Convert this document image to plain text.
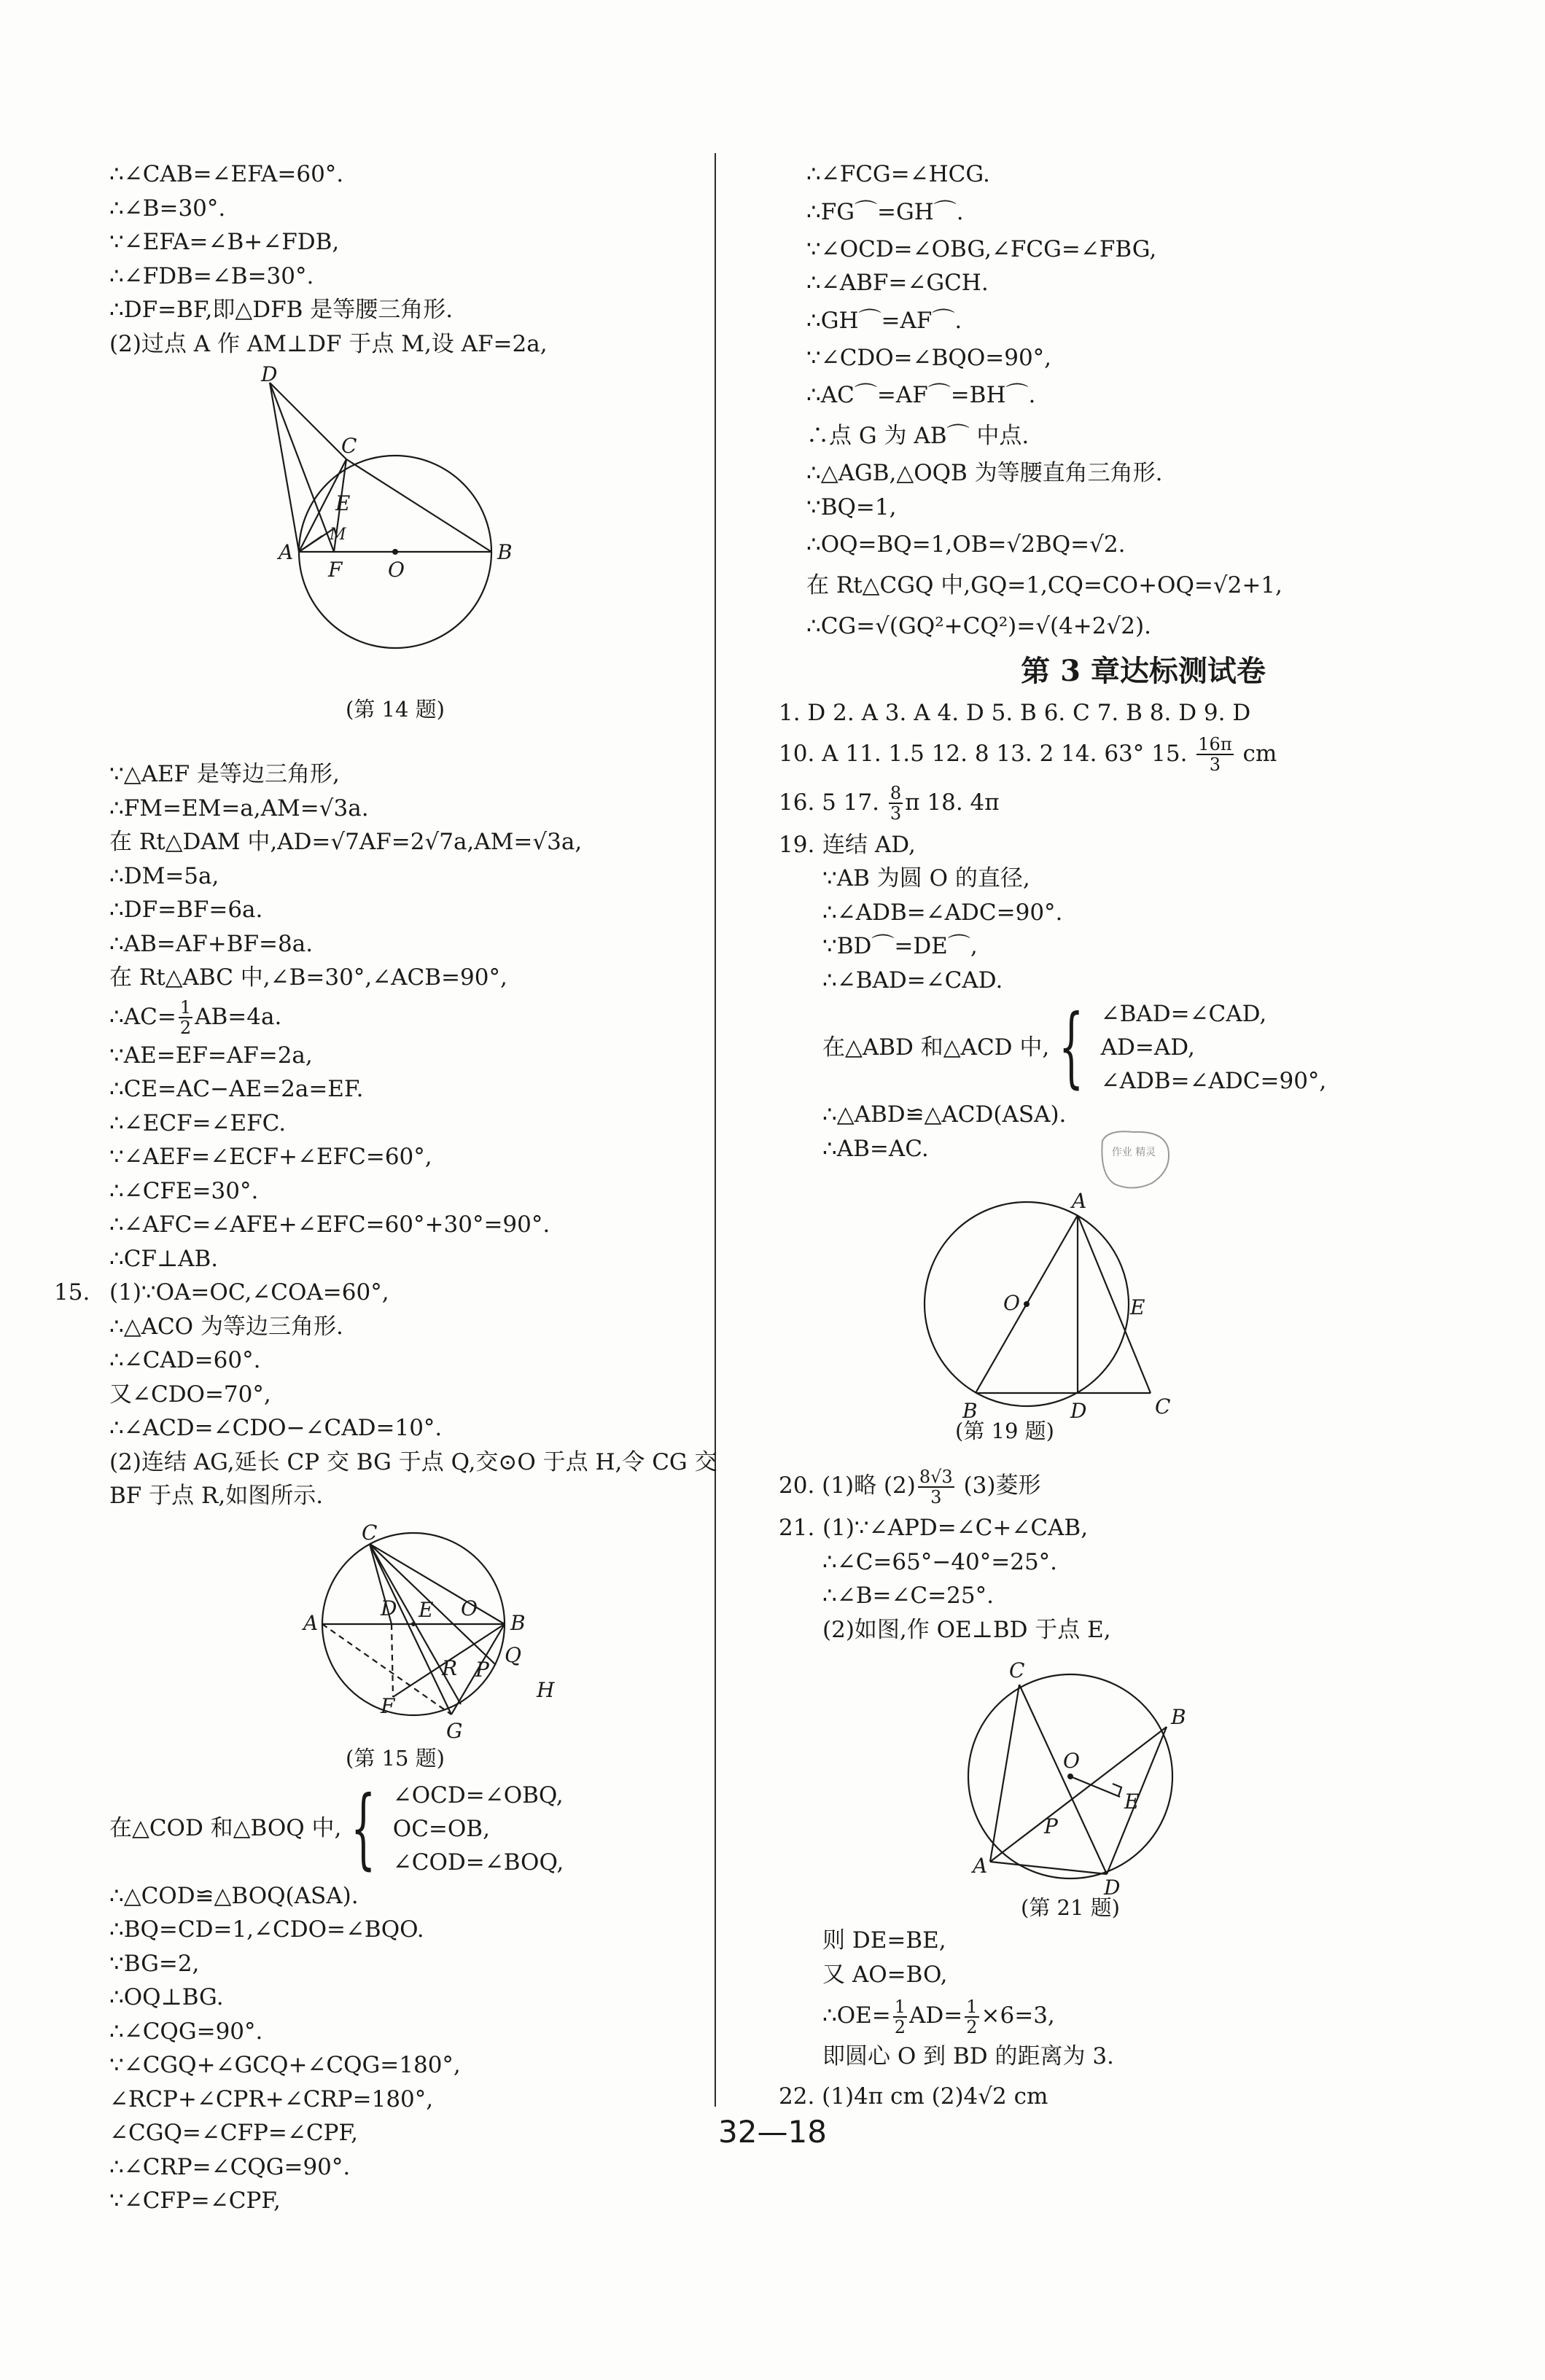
∴∠CAB=∠EFA=60°.
∴∠B=30°.
∵∠EFA=∠B+∠FDB,
∴∠FDB=∠B=30°.
∴DF=BF,即△DFB 是等腰三角形.
(2)过点 A 作 AM⊥DF 于点 M,设 AF=2a,
D
C
E
M
A
F O
B
(第 14 题)
∵△AEF 是等边三角形,
∴FM=EM=a,AM=√3a.
在 Rt△DAM 中,AD=√7AF=2√7a,AM=√3a,
∴DM=5a,
∴DF=BF=6a.
∴AB=AF+BF=8a.
在 Rt△ABC 中,∠B=30°,∠ACB=90°,
∴AC= $\frac{1}{2} AB=4a$.
∵AE=EF=AF=2a,
∴CE=AC−AE=2a=EF.
∴∠ECF=∠EFC.
∵∠AEF=∠ECF+∠EFC=60°,
∴∠CFE=30°.
∴∠AFC=∠AFE+∠EFC=60°+30°=90°.
∴CF⊥AB.
15. (1)∵OA=OC,∠COA=60°,
∴△ACO 为等边三角形.
∴∠CAD=60°.
又∠CDO=70°,
∴∠ACD=∠CDO−∠CAD=10°.
(2)连结 AG,延长 CP 交 BG 于点 Q,交⊙O 于点 H,令 CG 交
BF 于点 R,如图所示.
C
A
D E O
B
R P
Q
F
H
G
(第 15 题)
在△COD 和△BOQ 中, { ∠OCD=∠OBQ,
OC=OB,
∠COD=∠BOQ,
∴△COD≌△BOQ(ASA).
∴BQ=CD=1,∠CDO=∠BQO.
∵BG=2,
∴OQ⊥BG.
∴∠CQG=90°.
∵∠CGQ+∠GCQ+∠CQG=180°,
∠RCP+∠CPR+∠CRP=180°,
∠CGQ=∠CFP=∠CPF,
∴∠CRP=∠CQG=90°.
∵∠CFP=∠CPF,
∴∠FCG=∠HCG.
∴FG⌒=GH⌒.
∵∠OCD=∠OBG,∠FCG=∠FBG,
∴∠ABF=∠GCH.
∴GH⌒=AF⌒.
∵∠CDO=∠BQO=90°,
∴AC⌒=AF⌒=BH⌒.
∴点 G 为 AB⌒ 中点.
∴△AGB,△OQB 为等腰直角三角形.
∵BQ=1,
∴OQ=BQ=1,OB=√2BQ=√2.
在 Rt△CGQ 中,GQ=1,CQ=CO+OQ=√2+1,
∴CG=√(GQ²+CQ²)=√(4+2√2).
第 3 章达标测试卷
1. D 2. A 3. A 4. D 5. B 6. C 7. B 8. D 9. D
10. A 11. 1.5 12. 8 13. 2 14. 63° 15. $\frac{16\pi}{3}$ cm
16. 5 17. $\frac{8}{3}$ π 18. 4π
19. 连结 AD,
∵AB 为圆 O 的直径,
∴∠ADB=∠ADC=90°.
∵BD⌒=DE⌒,
∴∠BAD=∠CAD.
在△ABD 和△ACD 中, { ∠BAD=∠CAD,
AD=AD,
∠ADB=∠ADC=90°,
∴△ABD≌△ACD(ASA).
∴AB=AC.
A
O	E
B	D	C
(第 19 题)
20. (1)略 $(2) \frac{8√3}{3} (3)$菱形
21. (1)∵∠APD=∠C+∠CAB,
∴∠C=65°−40°=25°.
∴∠B=∠C=25°.
(2)如图,作 OE⊥BD 于点 E,
C
B
O
E
P
A
D
(第 21 题)
则 DE=BE,
又 AO=BO,
∴OE= $\frac{1}{2} AD= \frac{1}{2} \times 6=3$,
即圆心 O 到 BD 的距离为 3.
22. (1)4π cm (2)4√2 cm
作业 精灵
32—18
